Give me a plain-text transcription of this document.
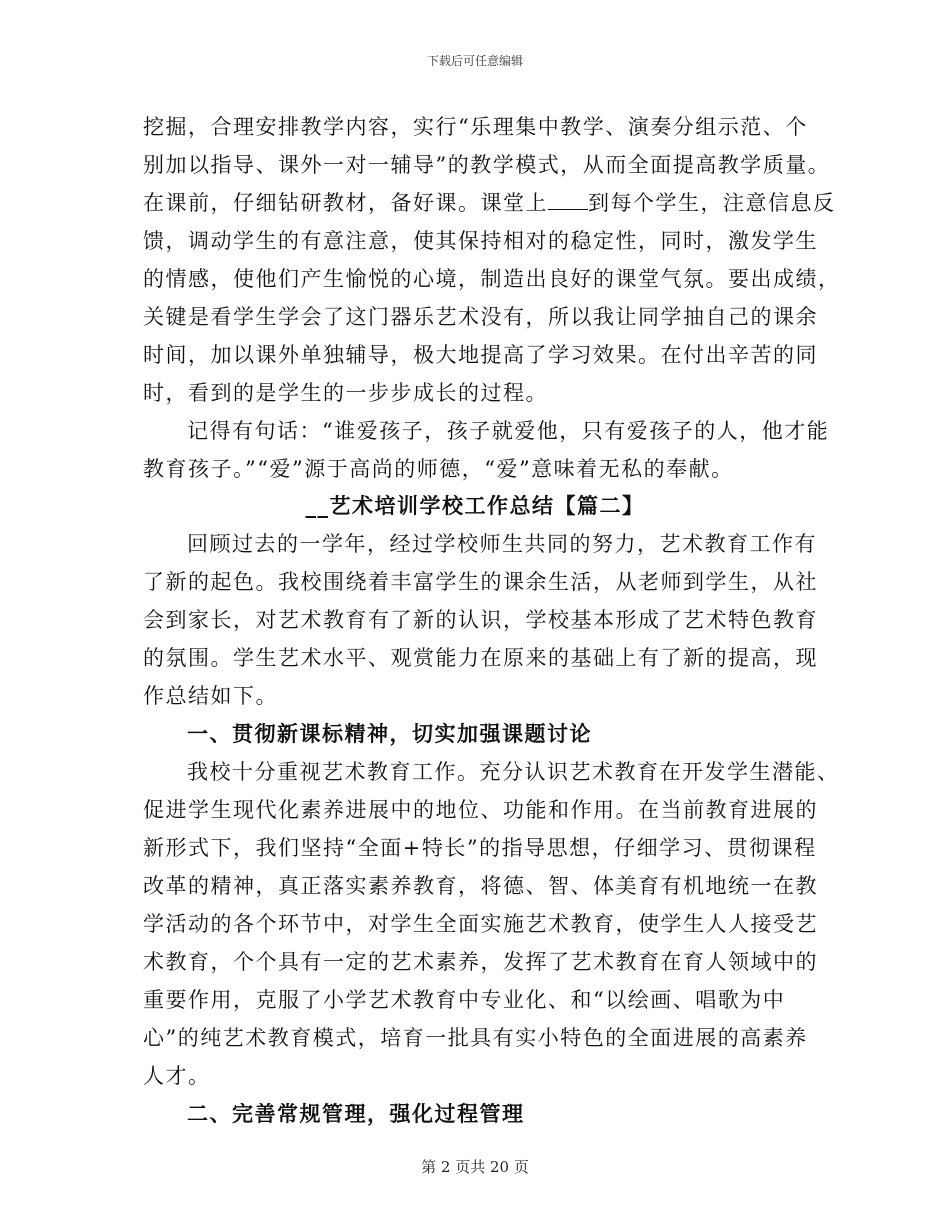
下载后可任意编辑
挖掘，合理安排教学内容，实行“乐理集中教学、演奏分组示范、个
别加以指导、课外一对一辅导”的教学模式，从而全面提高教学质量。
在课前，仔细钻研教材，备好课。课堂上 到每个学生，注意信息反
馈，调动学生的有意注意，使其保持相对的稳定性，同时，激发学生
的情感，使他们产生愉悦的心境，制造出良好的课堂气氛。要出成绩，
关键是看学生学会了这门器乐艺术没有，所以我让同学抽自己的课余
时间，加以课外单独辅导，极大地提高了学习效果。在付出辛苦的同
时，看到的是学生的一步步成长的过程。
记得有句话：“谁爱孩子，孩子就爱他，只有爱孩子的人，他才能
教育孩子。”“爱”源于高尚的师德，“爱”意味着无私的奉献。
__艺术培训学校工作总结【篇二】
回顾过去的一学年，经过学校师生共同的努力，艺术教育工作有
了新的起色。我校围绕着丰富学生的课余生活，从老师到学生，从社
会到家长，对艺术教育有了新的认识，学校基本形成了艺术特色教育
的氛围。学生艺术水平、观赏能力在原来的基础上有了新的提高，现
作总结如下。
一、贯彻新课标精神，切实加强课题讨论
我校十分重视艺术教育工作。充分认识艺术教育在开发学生潜能、
促进学生现代化素养进展中的地位、功能和作用。在当前教育进展的
新形式下，我们坚持“全面+特长”的指导思想，仔细学习、贯彻课程
改革的精神，真正落实素养教育，将德、智、体美育有机地统一在教
学活动的各个环节中，对学生全面实施艺术教育，使学生人人接受艺
术教育，个个具有一定的艺术素养，发挥了艺术教育在育人领域中的
重要作用，克服了小学艺术教育中专业化、和“以绘画、唱歌为中
心”的纯艺术教育模式，培育一批具有实小特色的全面进展的高素养
人才。
二、完善常规管理，强化过程管理
第 2 页共 20 页
